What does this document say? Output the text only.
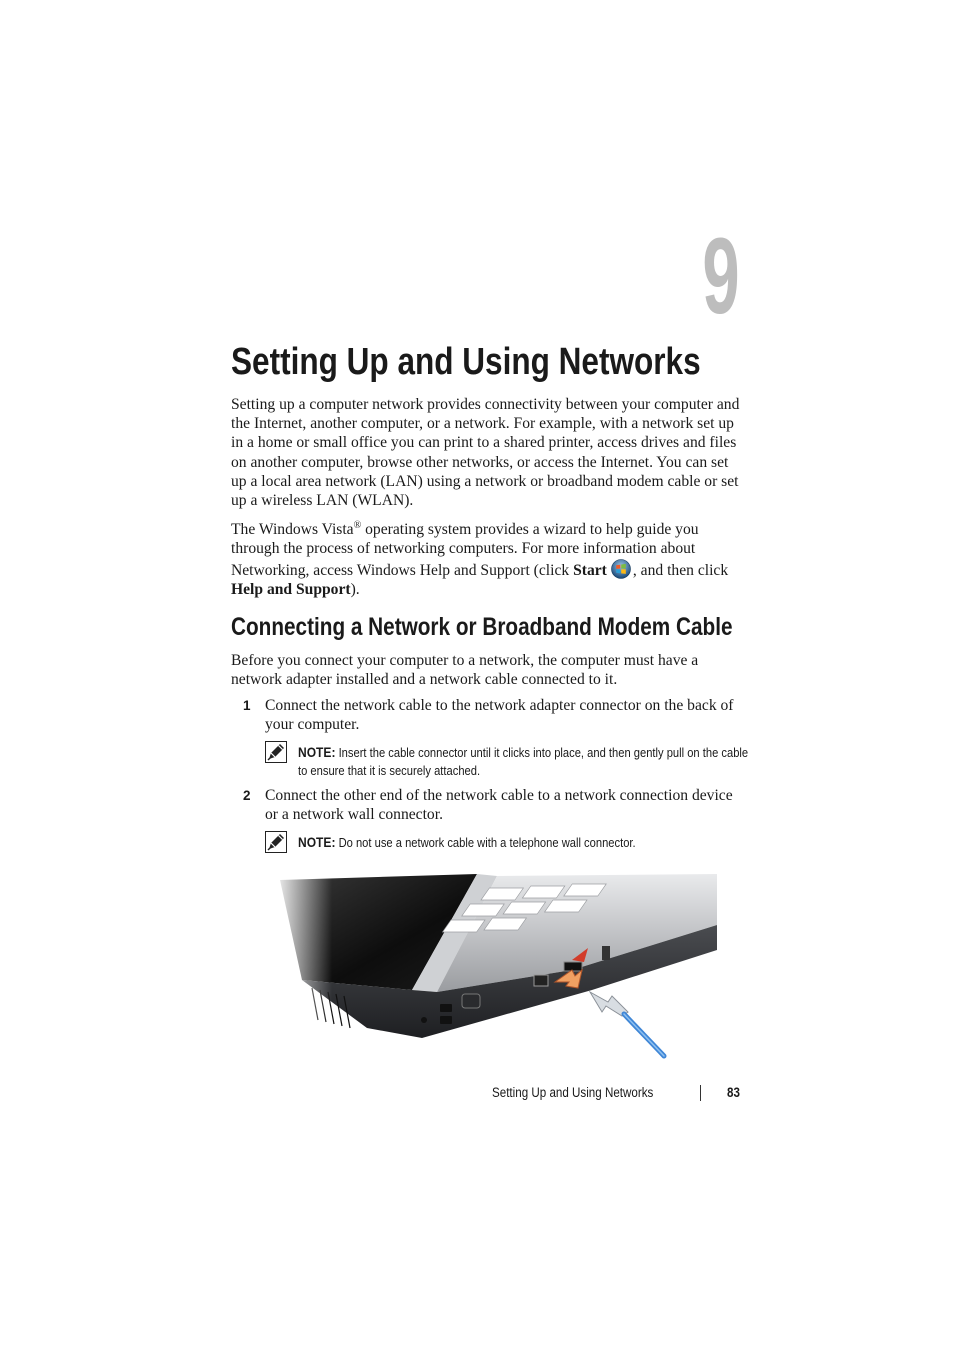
9
Setting Up and Using Networks

Setting up a computer network provides connectivity between your computer and the Internet, another computer, or a network. For example, with a network set up in a home or small office you can print to a shared printer, access drives and files on another computer, browse other networks, or access the Internet. You can set up a local area network (LAN) using a network or broadband modem cable or set up a wireless LAN (WLAN).

The Windows Vista® operating system provides a wizard to help guide you through the process of networking computers. For more information about Networking, access Windows Help and Support (click Start , and then click Help and Support).

Connecting a Network or Broadband Modem Cable

Before you connect your computer to a network, the computer must have a network adapter installed and a network cable connected to it.

1 Connect the network cable to the network adapter connector on the back of your computer.

NOTE: Insert the cable connector until it clicks into place, and then gently pull on the cable to ensure that it is securely attached.

2 Connect the other end of the network cable to a network connection device or a network wall connector.

NOTE: Do not use a network cable with a telephone wall connector.

Setting Up and Using Networks	83
